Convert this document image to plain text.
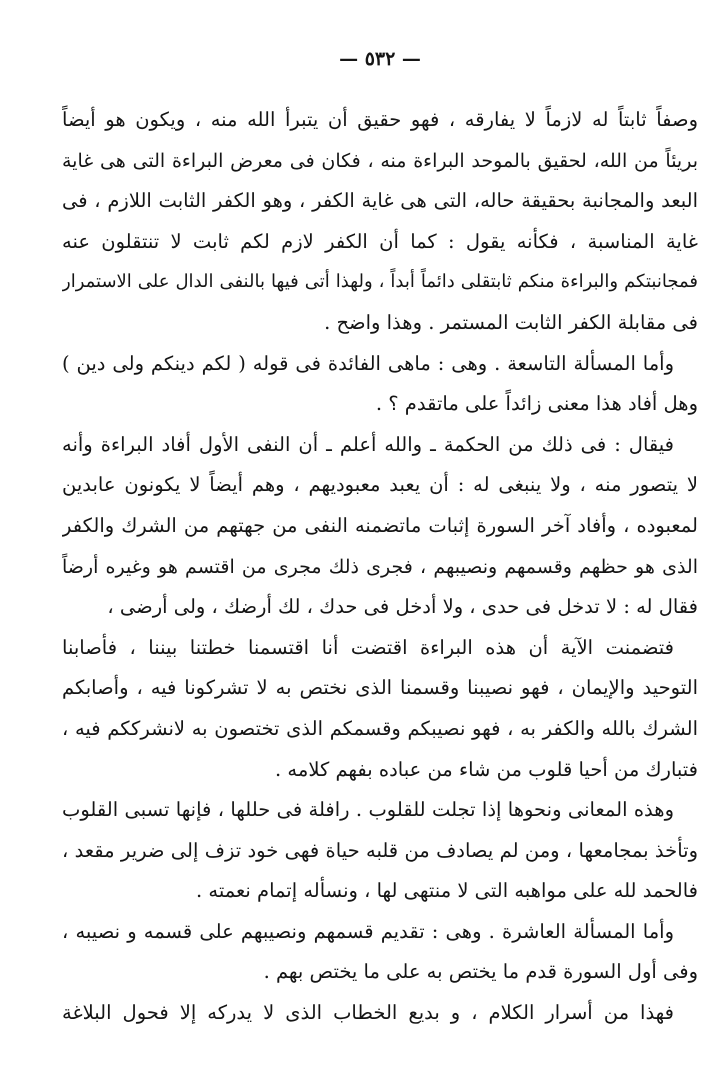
— ٥٣٢ —
وصفاً ثابتاً له لازماً لا يفارقه ، فهو حقيق أن يتبرأ الله منه ، ويكون هو أيضاً
بريئاً من الله، لحقيق بالموحد البراءة منه ، فكان فى معرض البراءة التى هى غاية
البعد والمجانبة بحقيقة حاله، التى هى غاية الكفر ، وهو الكفر الثابت اللازم ، فى
غاية المناسبة ، فكأنه يقول : كما أن الكفر لازم لكم ثابت لا تنتقلون عنه
فمجانبتكم والبراءة منكم ثابتقلى دائماً أبداً ، ولهذا أتى فيها بالنفى الدال على الاستمرار
فى مقابلة الكفر الثابت المستمر . وهذا واضح .
وأما المسألة التاسعة . وهى : ماهى الفائدة فى قوله ( لكم دينكم ولى دين )
وهل أفاد هذا معنى زائداً على ماتقدم ؟ .
فيقال : فى ذلك من الحكمة ـ والله أعلم ـ أن النفى الأول أفاد البراءة وأنه
لا يتصور منه ، ولا ينبغى له : أن يعبد معبوديهم ، وهم أيضاً لا يكونون عابدين
لمعبوده ، وأفاد آخر السورة إثبات ماتضمنه النفى من جهتهم من الشرك والكفر
الذى هو حظهم وقسمهم ونصيبهم ، فجرى ذلك مجرى من اقتسم هو وغيره أرضاً
فقال له : لا تدخل فى حدى ، ولا أدخل فى حدك ، لك أرضك ، ولى أرضى ،
فتضمنت الآية أن هذه البراءة اقتضت أنا اقتسمنا خطتنا بيننا ، فأصابنا
التوحيد والإيمان ، فهو نصيبنا وقسمنا الذى نختص به لا تشركونا فيه ، وأصابكم
الشرك بالله والكفر به ، فهو نصيبكم وقسمكم الذى تختصون به لانشرككم فيه ،
فتبارك من أحيا قلوب من شاء من عباده بفهم كلامه .
وهذه المعانى ونحوها إذا تجلت للقلوب . رافلة فى حللها ، فإنها تسبى القلوب
وتأخذ بمجامعها ، ومن لم يصادف من قلبه حياة فهى خود تزف إلى ضرير مقعد ،
فالحمد لله على مواهبه التى لا منتهى لها ، ونسأله إتمام نعمته .
وأما المسألة العاشرة . وهى : تقديم قسمهم ونصيبهم على قسمه و نصيبه ،
وفى أول السورة قدم ما يختص به على ما يختص بهم .
فهذا من أسرار الكلام ، و بديع الخطاب الذى لا يدركه إلا فحول البلاغة
